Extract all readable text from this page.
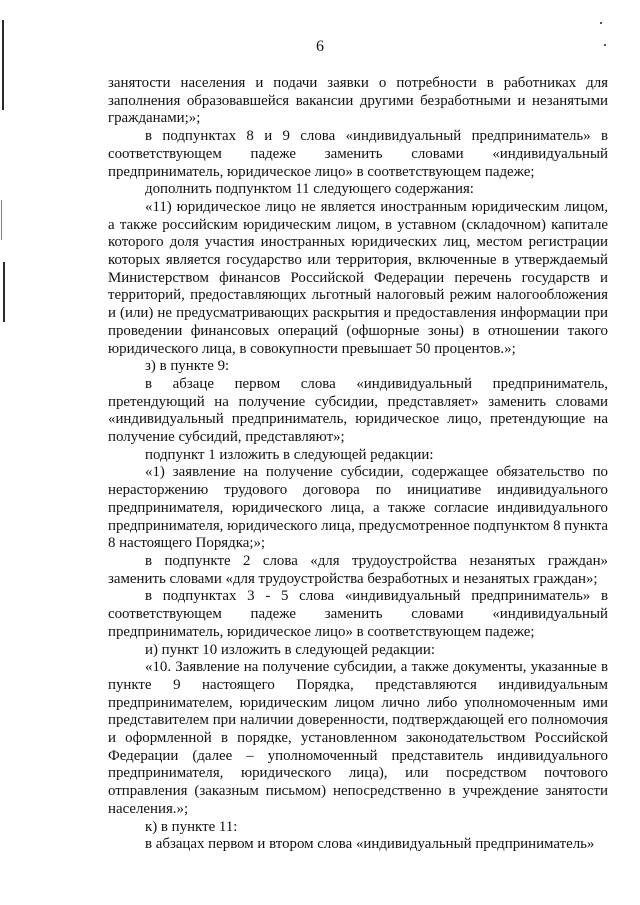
6

занятости населения и подачи заявки о потребности в работниках для заполнения образовавшейся вакансии другими безработными и незанятыми гражданами;»;

в подпунктах 8 и 9 слова «индивидуальный предприниматель» в соответствующем падеже заменить словами «индивидуальный предприниматель, юридическое лицо» в соответствующем падеже;

дополнить подпунктом 11 следующего содержания:

«11) юридическое лицо не является иностранным юридическим лицом, а также российским юридическим лицом, в уставном (складочном) капитале которого доля участия иностранных юридических лиц, местом регистрации которых является государство или территория, включенные в утверждаемый Министерством финансов Российской Федерации перечень государств и территорий, предоставляющих льготный налоговый режим налогообложения и (или) не предусматривающих раскрытия и предоставления информации при проведении финансовых операций (офшорные зоны) в отношении такого юридического лица, в совокупности превышает 50 процентов.»;

з) в пункте 9:

в абзаце первом слова «индивидуальный предприниматель, претендующий на получение субсидии, представляет» заменить словами «индивидуальный предприниматель, юридическое лицо, претендующие на получение субсидий, представляют»;

подпункт 1 изложить в следующей редакции:

«1) заявление на получение субсидии, содержащее обязательство по нерасторжению трудового договора по инициативе индивидуального предпринимателя, юридического лица, а также согласие индивидуального предпринимателя, юридического лица, предусмотренное подпунктом 8 пункта 8 настоящего Порядка;»;

в подпункте 2 слова «для трудоустройства незанятых граждан» заменить словами «для трудоустройства безработных и незанятых граждан»;

в подпунктах 3 - 5 слова «индивидуальный предприниматель» в соответствующем падеже заменить словами «индивидуальный предприниматель, юридическое лицо» в соответствующем падеже;

и) пункт 10 изложить в следующей редакции:

«10. Заявление на получение субсидии, а также документы, указанные в пункте 9 настоящего Порядка, представляются индивидуальным предпринимателем, юридическим лицом лично либо уполномоченным ими представителем при наличии доверенности, подтверждающей его полномочия и оформленной в порядке, установленном законодательством Российской Федерации (далее – уполномоченный представитель индивидуального предпринимателя, юридического лица), или посредством почтового отправления (заказным письмом) непосредственно в учреждение занятости населения.»;

к) в пункте 11:

в абзацах первом и втором слова «индивидуальный предприниматель»
